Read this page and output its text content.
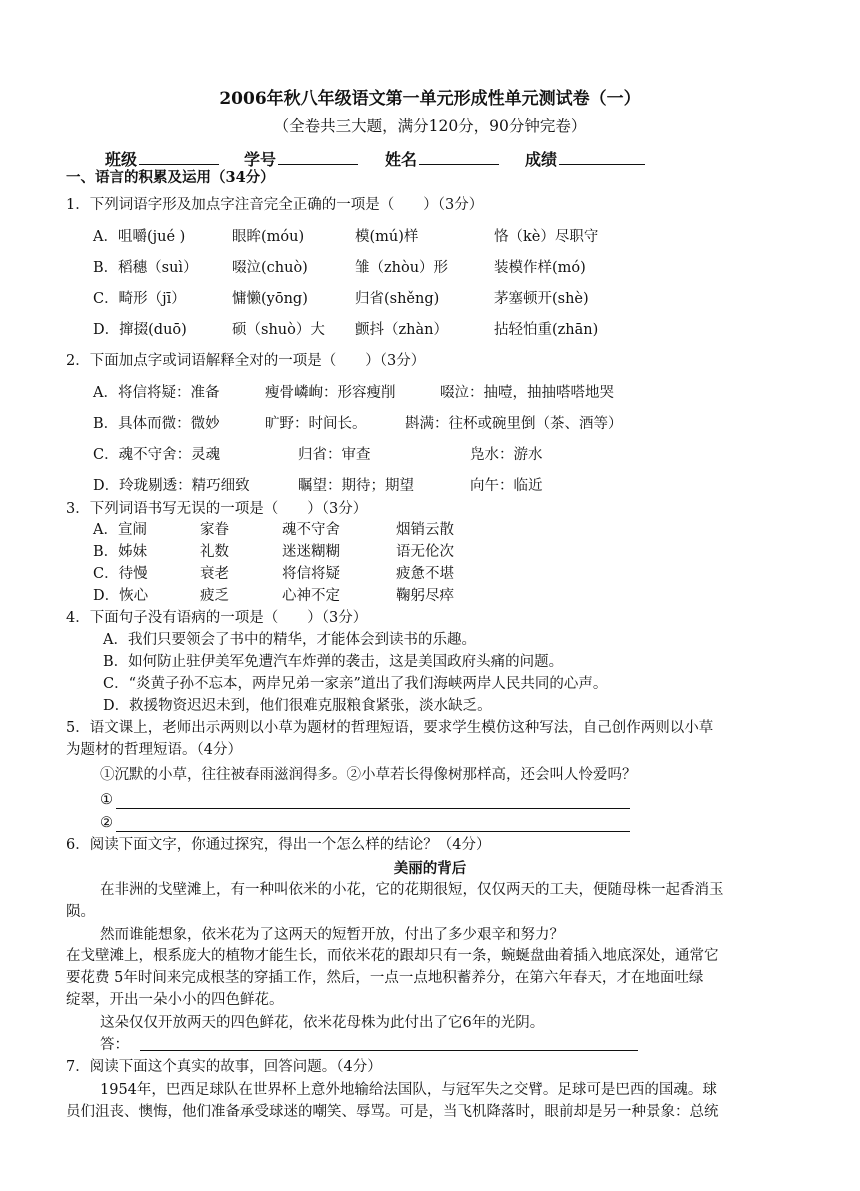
2006年秋八年级语文第一单元形成性单元测试卷（一）
（全卷共三大题，满分120分，90分钟完卷）
班级	学号	姓名	成绩
一、语言的积累及运用（34分）
1．下列词语字形及加点字注音完全正确的一项是（　　）（3分）
A．咀嚼(jué )	眼眸(móu)	模(mú)样	恪（kè）尽职守
B．稻穗（suì） 啜泣(chuò)	雏（zhòu）形	装模作样(mó)
C．畸形（jī）	慵懒(yōng)	归省(shěng)	茅塞顿开(shè)
D．撺掇(duō)	硕（shuò）大 颤抖（zhàn）	拈轻怕重(zhān)
2．下面加点字或词语解释全对的一项是（　　）（3分）
A．将信将疑：准备	瘦骨嶙峋：形容瘦削	啜泣：抽噎，抽抽嗒嗒地哭
B．具体而微：微妙	旷野：时间长。	斟满：往杯或碗里倒（茶、酒等）
C．魂不守舍：灵魂	归省：审查	凫水：游水
D．玲珑剔透：精巧细致	瞩望：期待；期望	向午：临近
3．下列词语书写无误的一项是（　　）（3分）
A．宣闹	家眷	魂不守舍	烟销云散
B．姊妹	礼数	迷迷糊糊	语无伦次
C．待慢	衰老	将信将疑	疲惫不堪
D．恢心	疲乏	心神不定	鞠躬尽瘁
4．下面句子没有语病的一项是（　　）（3分）
A．我们只要领会了书中的精华，才能体会到读书的乐趣。
B．如何防止驻伊美军免遭汽车炸弹的袭击，这是美国政府头痛的问题。
C．“炎黄子孙不忘本，两岸兄弟一家亲”道出了我们海峡两岸人民共同的心声。
D．救援物资迟迟未到，他们很难克服粮食紧张，淡水缺乏。
5．语文课上，老师出示两则以小草为题材的哲理短语，要求学生模仿这种写法，自己创作两则以小草
为题材的哲理短语。（4分）
①沉默的小草，往往被春雨滋润得多。②小草若长得像树那样高，还会叫人怜爱吗？
①
②
6．阅读下面文字，你通过探究，得出一个怎么样的结论？（4分）
美丽的背后
在非洲的戈壁滩上，有一种叫依米的小花，它的花期很短，仅仅两天的工夫，便随母株一起香消玉
陨。
然而谁能想象，依米花为了这两天的短暂开放，付出了多少艰辛和努力？
在戈壁滩上，根系庞大的植物才能生长，而依米花的跟却只有一条，蜿蜒盘曲着插入地底深处，通常它
要花费 5年时间来完成根茎的穿插工作，然后，一点一点地积蓄养分，在第六年春天，才在地面吐绿
绽翠，开出一朵小小的四色鲜花。
这朵仅仅开放两天的四色鲜花，依米花母株为此付出了它6年的光阴。
答：
7．阅读下面这个真实的故事，回答问题。（4分）
1954年，巴西足球队在世界杯上意外地输给法国队，与冠军失之交臂。足球可是巴西的国魂。球
员们沮丧、懊悔，他们准备承受球迷的嘲笑、辱骂。可是，当飞机降落时，眼前却是另一种景象：总统
